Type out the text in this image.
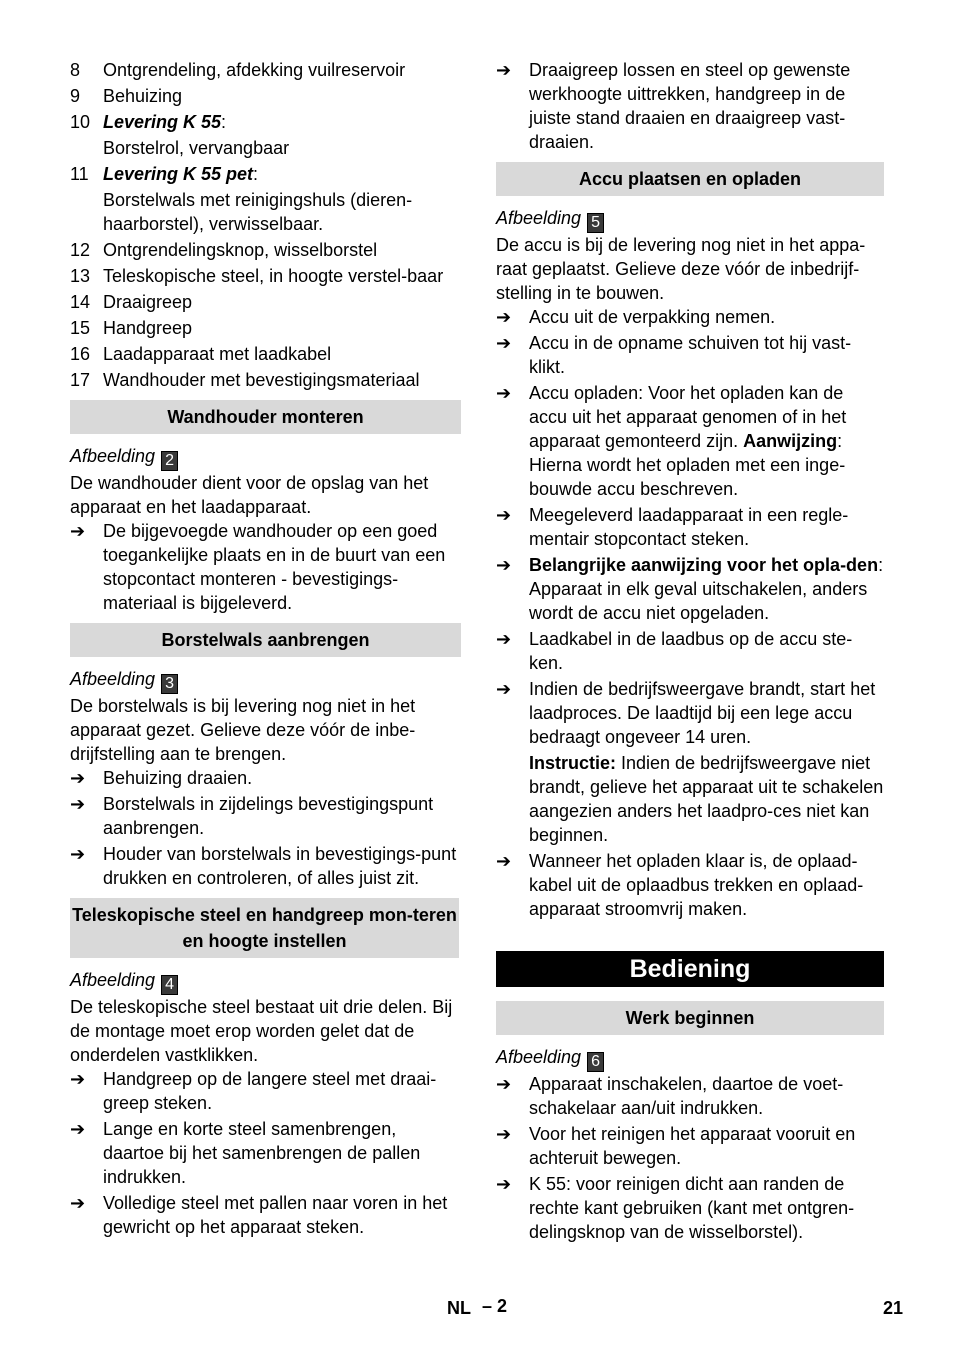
8	Ontgrendeling, afdekking vuilreservoir
9	Behuizing
10 Levering K 55:
Borstelrol, vervangbaar
11 Levering K 55 pet:
Borstelwals met reinigingshuls (dieren-haarborstel), verwisselbaar.
12 Ontgrendelingsknop, wisselborstel
13 Teleskopische steel, in hoogte verstel-baar
14 Draaigreep
15 Handgreep
16 Laadapparaat met laadkabel
17 Wandhouder met bevestigingsmateriaal
Wandhouder monteren
Afbeelding 2
De wandhouder dient voor de opslag van het apparaat en het laadapparaat.
➔ De bijgevoegde wandhouder op een goed toegankelijke plaats en in de buurt van een stopcontact monteren - bevestigings-materiaal is bijgeleverd.
Borstelwals aanbrengen
Afbeelding 3
De borstelwals is bij levering nog niet in het apparaat gezet. Gelieve deze vóór de inbe-drijfstelling aan te brengen.
➔ Behuizing draaien.
➔ Borstelwals in zijdelings bevestigingspunt aanbrengen.
➔ Houder van borstelwals in bevestigings-punt drukken en controleren, of alles juist zit.
Teleskopische steel en handgreep mon-teren en hoogte instellen
Afbeelding 4
De teleskopische steel bestaat uit drie delen. Bij de montage moet erop worden gelet dat de onderdelen vastklikken.
➔ Handgreep op de langere steel met draai-greep steken.
➔ Lange en korte steel samenbrengen, daartoe bij het samenbrengen de pallen indrukken.
➔ Volledige steel met pallen naar voren in het gewricht op het apparaat steken.
➔ Draaigreep lossen en steel op gewenste werkhoogte uittrekken, handgreep in de juiste stand draaien en draaigreep vast-draaien.
Accu plaatsen en opladen
Afbeelding 5
De accu is bij de levering nog niet in het appa-raat geplaatst. Gelieve deze vóór de inbedrijf-stelling in te bouwen.
➔ Accu uit de verpakking nemen.
➔ Accu in de opname schuiven tot hij vast-klikt.
➔ Accu opladen: Voor het opladen kan de accu uit het apparaat genomen of in het apparaat gemonteerd zijn. Aanwijzing: Hierna wordt het opladen met een inge-bouwde accu beschreven.
➔ Meegeleverd laadapparaat in een regle-mentair stopcontact steken.
➔ Belangrijke aanwijzing voor het opla-den: Apparaat in elk geval uitschakelen, anders wordt de accu niet opgeladen.
➔ Laadkabel in de laadbus op de accu ste-ken.
➔ Indien de bedrijfsweergave brandt, start het laadproces. De laadtijd bij een lege accu bedraagt ongeveer 14 uren.
Instructie: Indien de bedrijfsweergave niet brandt, gelieve het apparaat uit te schakelen aangezien anders het laadpro-ces niet kan beginnen.
➔ Wanneer het opladen klaar is, de oplaad-kabel uit de oplaadbus trekken en oplaad-apparaat stroomvrij maken.
Bediening
Werk beginnen
Afbeelding 6
➔ Apparaat inschakelen, daartoe de voet-schakelaar aan/uit indrukken.
➔ Voor het reinigen het apparaat vooruit en achteruit bewegen.
➔ K 55: voor reinigen dicht aan randen de rechte kant gebruiken (kant met ontgren-delingsknop van de wisselborstel).
NL – 2	21
